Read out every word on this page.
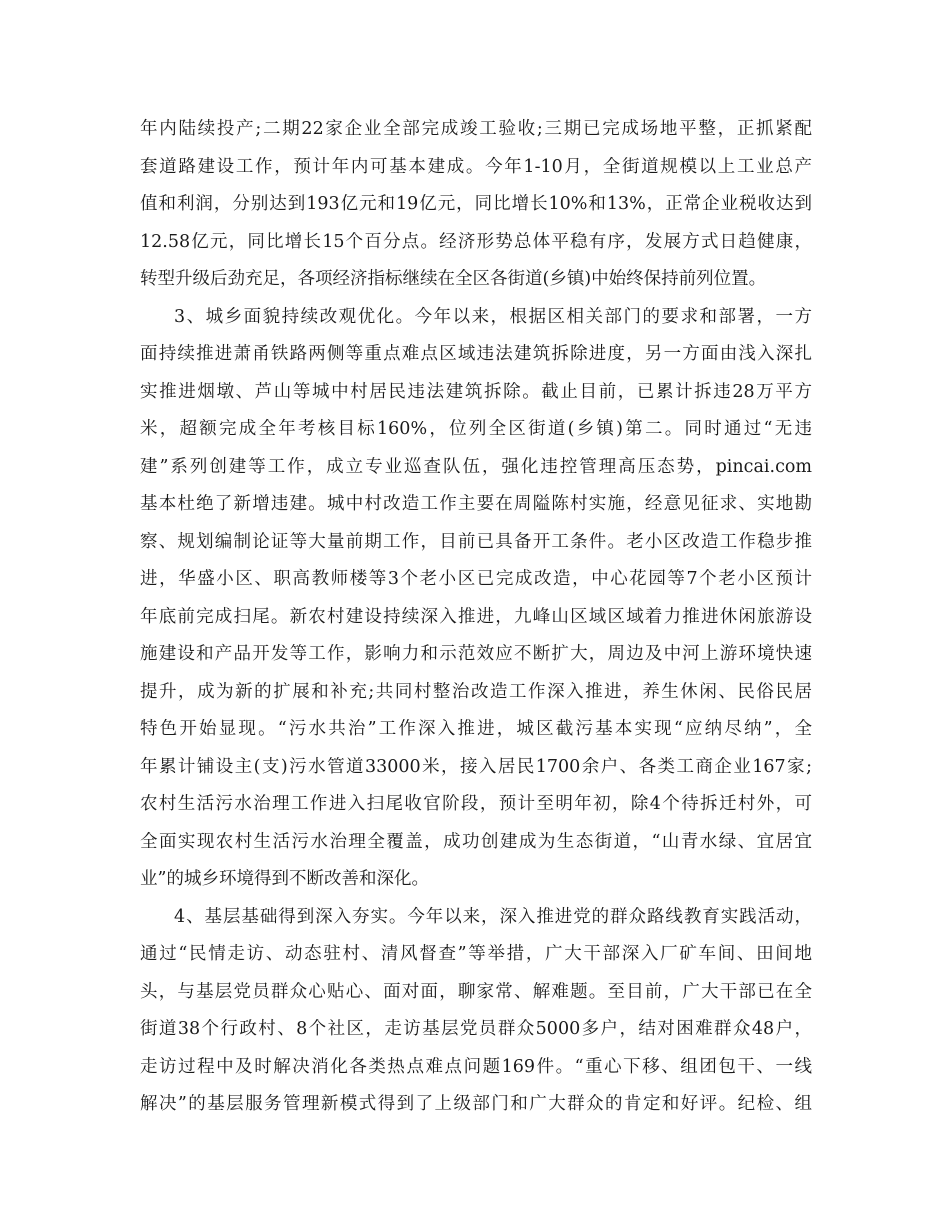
年内陆续投产;二期22家企业全部完成竣工验收;三期已完成场地平整，正抓紧配
套道路建设工作，预计年内可基本建成。今年1-10月，全街道规模以上工业总产
值和利润，分别达到193亿元和19亿元，同比增长10%和13%，正常企业税收达到
12.58亿元，同比增长15个百分点。经济形势总体平稳有序，发展方式日趋健康，
转型升级后劲充足，各项经济指标继续在全区各街道(乡镇)中始终保持前列位置。
3、城乡面貌持续改观优化。今年以来，根据区相关部门的要求和部署，一方
面持续推进萧甬铁路两侧等重点难点区域违法建筑拆除进度，另一方面由浅入深扎
实推进烟墩、芦山等城中村居民违法建筑拆除。截止目前，已累计拆违28万平方
米，超额完成全年考核目标160%，位列全区街道(乡镇)第二。同时通过“无违
建”系列创建等工作，成立专业巡查队伍，强化违控管理高压态势，pincai.com
基本杜绝了新增违建。城中村改造工作主要在周隘陈村实施，经意见征求、实地勘
察、规划编制论证等大量前期工作，目前已具备开工条件。老小区改造工作稳步推
进，华盛小区、职高教师楼等3个老小区已完成改造，中心花园等7个老小区预计
年底前完成扫尾。新农村建设持续深入推进，九峰山区域区域着力推进休闲旅游设
施建设和产品开发等工作，影响力和示范效应不断扩大，周边及中河上游环境快速
提升，成为新的扩展和补充;共同村整治改造工作深入推进，养生休闲、民俗民居
特色开始显现。“污水共治”工作深入推进，城区截污基本实现“应纳尽纳”，全
年累计铺设主(支)污水管道33000米，接入居民1700余户、各类工商企业167家;
农村生活污水治理工作进入扫尾收官阶段，预计至明年初，除4个待拆迁村外，可
全面实现农村生活污水治理全覆盖，成功创建成为生态街道，“山青水绿、宜居宜
业”的城乡环境得到不断改善和深化。
4、基层基础得到深入夯实。今年以来，深入推进党的群众路线教育实践活动，
通过“民情走访、动态驻村、清风督查”等举措，广大干部深入厂矿车间、田间地
头，与基层党员群众心贴心、面对面，聊家常、解难题。至目前，广大干部已在全
街道38个行政村、8个社区，走访基层党员群众5000多户，结对困难群众48户，
走访过程中及时解决消化各类热点难点问题169件。“重心下移、组团包干、一线
解决”的基层服务管理新模式得到了上级部门和广大群众的肯定和好评。纪检、组
